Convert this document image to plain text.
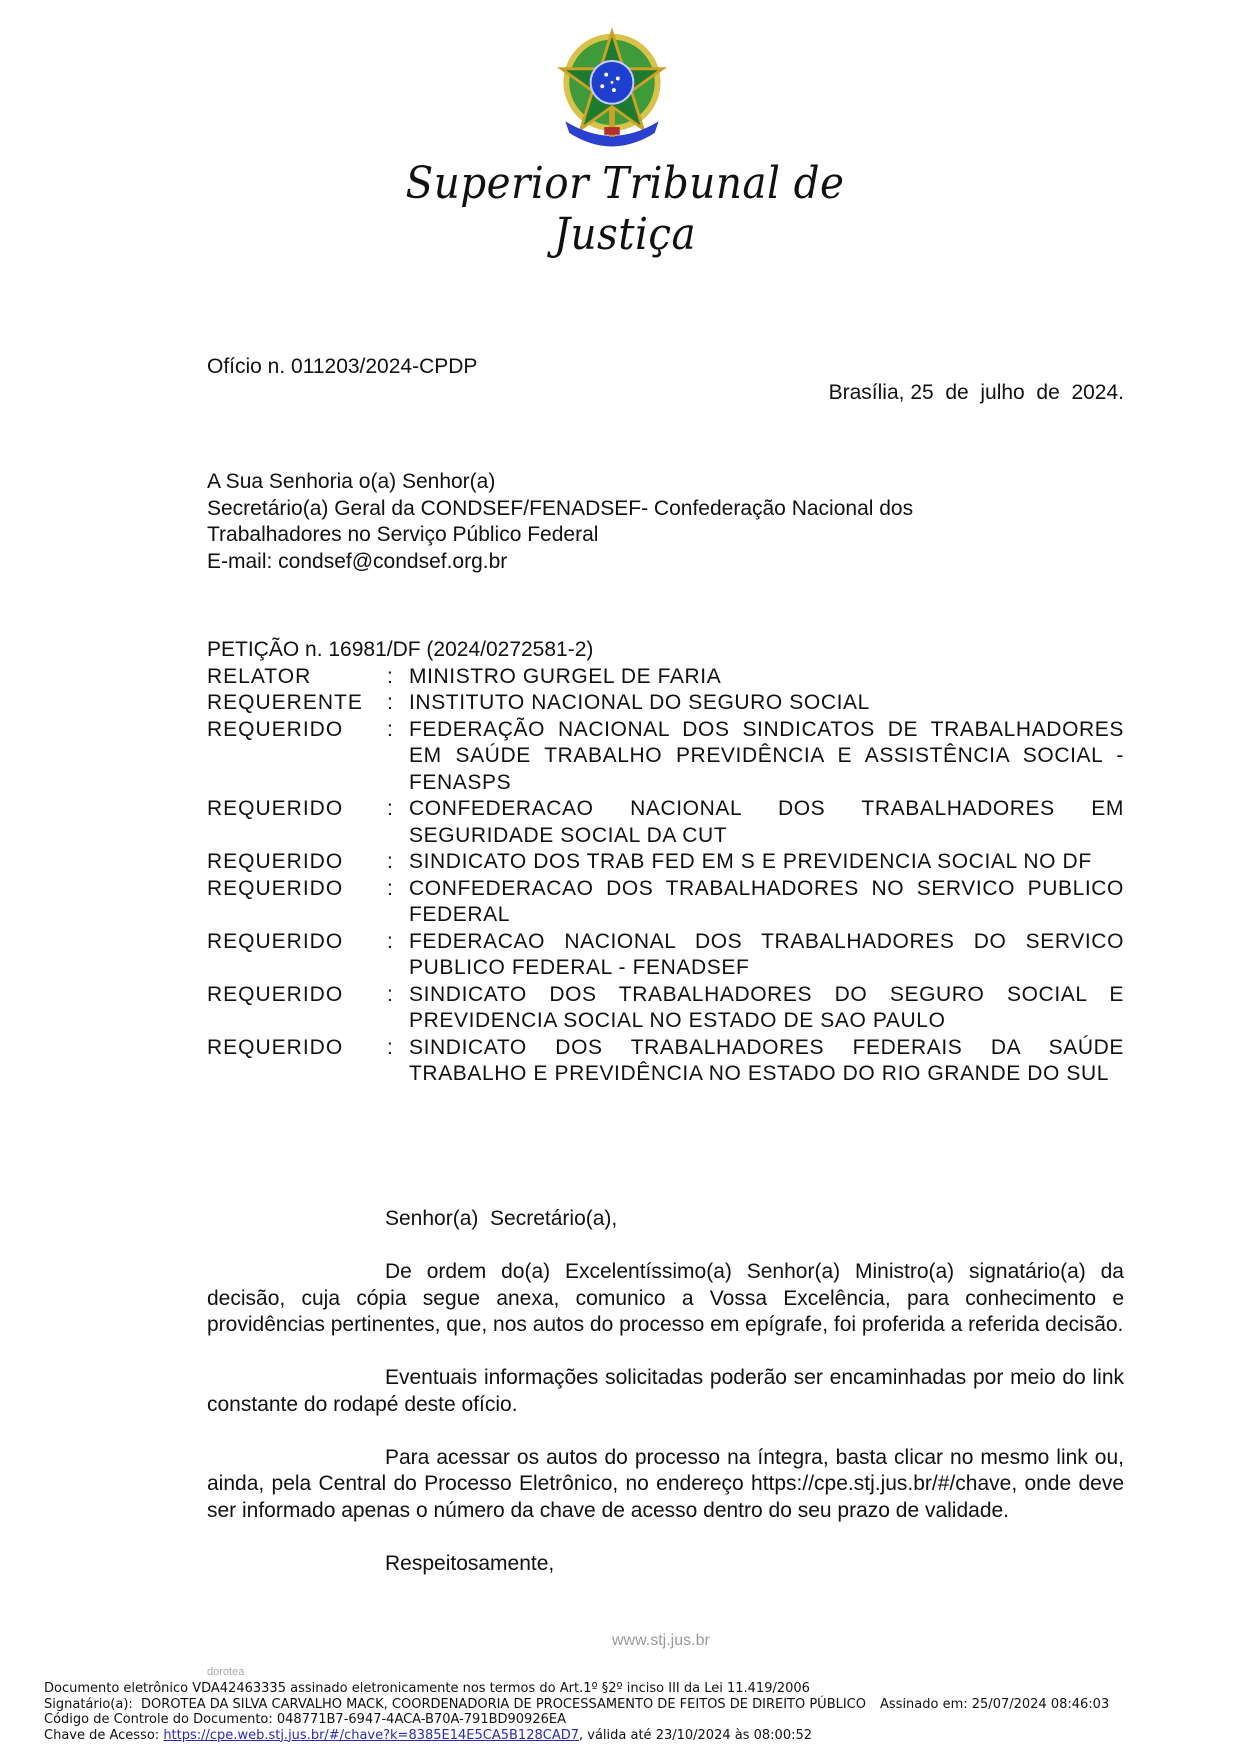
Superior Tribunal de Justiça
Ofício n. 011203/2024-CPDP
Brasília, 25  de  julho  de  2024.
A Sua Senhoria o(a) Senhor(a)
Secretário(a) Geral da CONDSEF/FENADSEF- Confederação Nacional dos
Trabalhadores no Serviço Público Federal
E-mail: condsef@condsef.org.br
PETIÇÃO n. 16981/DF (2024/0272581-2)
RELATOR	: MINISTRO GURGEL DE FARIA
REQUERENTE	: INSTITUTO NACIONAL DO SEGURO SOCIAL
REQUERIDO	: FEDERAÇÃO NACIONAL DOS SINDICATOS DE TRABALHADORES EM SAÚDE TRABALHO PREVIDÊNCIA E ASSISTÊNCIA SOCIAL - FENASPS
REQUERIDO	: CONFEDERACAO NACIONAL DOS TRABALHADORES EM SEGURIDADE SOCIAL DA CUT
REQUERIDO	: SINDICATO DOS TRAB FED EM S E PREVIDENCIA SOCIAL NO DF
REQUERIDO	: CONFEDERACAO DOS TRABALHADORES NO SERVICO PUBLICO FEDERAL
REQUERIDO	: FEDERACAO NACIONAL DOS TRABALHADORES DO SERVICO PUBLICO FEDERAL - FENADSEF
REQUERIDO	: SINDICATO DOS TRABALHADORES DO SEGURO SOCIAL E PREVIDENCIA SOCIAL NO ESTADO DE SAO PAULO
REQUERIDO	: SINDICATO DOS TRABALHADORES FEDERAIS DA SAÚDE TRABALHO E PREVIDÊNCIA NO ESTADO DO RIO GRANDE DO SUL

Senhor(a)  Secretário(a),

De ordem do(a) Excelentíssimo(a) Senhor(a) Ministro(a) signatário(a) da decisão, cuja cópia segue anexa, comunico a Vossa Excelência, para conhecimento e providências pertinentes, que, nos autos do processo em epígrafe, foi proferida a referida decisão.

Eventuais informações solicitadas poderão ser encaminhadas por meio do link constante do rodapé deste ofício.

Para acessar os autos do processo na íntegra, basta clicar no mesmo link ou, ainda, pela Central do Processo Eletrônico, no endereço https://cpe.stj.jus.br/#/chave, onde deve ser informado apenas o número da chave de acesso dentro do seu prazo de validade.

Respeitosamente,

www.stj.jus.br
dorotea
Documento eletrônico VDA42463335 assinado eletronicamente nos termos do Art.1º §2º inciso III da Lei 11.419/2006
Signatário(a):  DOROTEA DA SILVA CARVALHO MACK, COORDENADORIA DE PROCESSAMENTO DE FEITOS DE DIREITO PÚBLICO Assinado em: 25/07/2024 08:46:03
Código de Controle do Documento: 048771B7-6947-4ACA-B70A-791BD90926EA
Chave de Acesso: https://cpe.web.stj.jus.br/#/chave?k=8385E14E5CA5B128CAD7, válida até 23/10/2024 às 08:00:52
